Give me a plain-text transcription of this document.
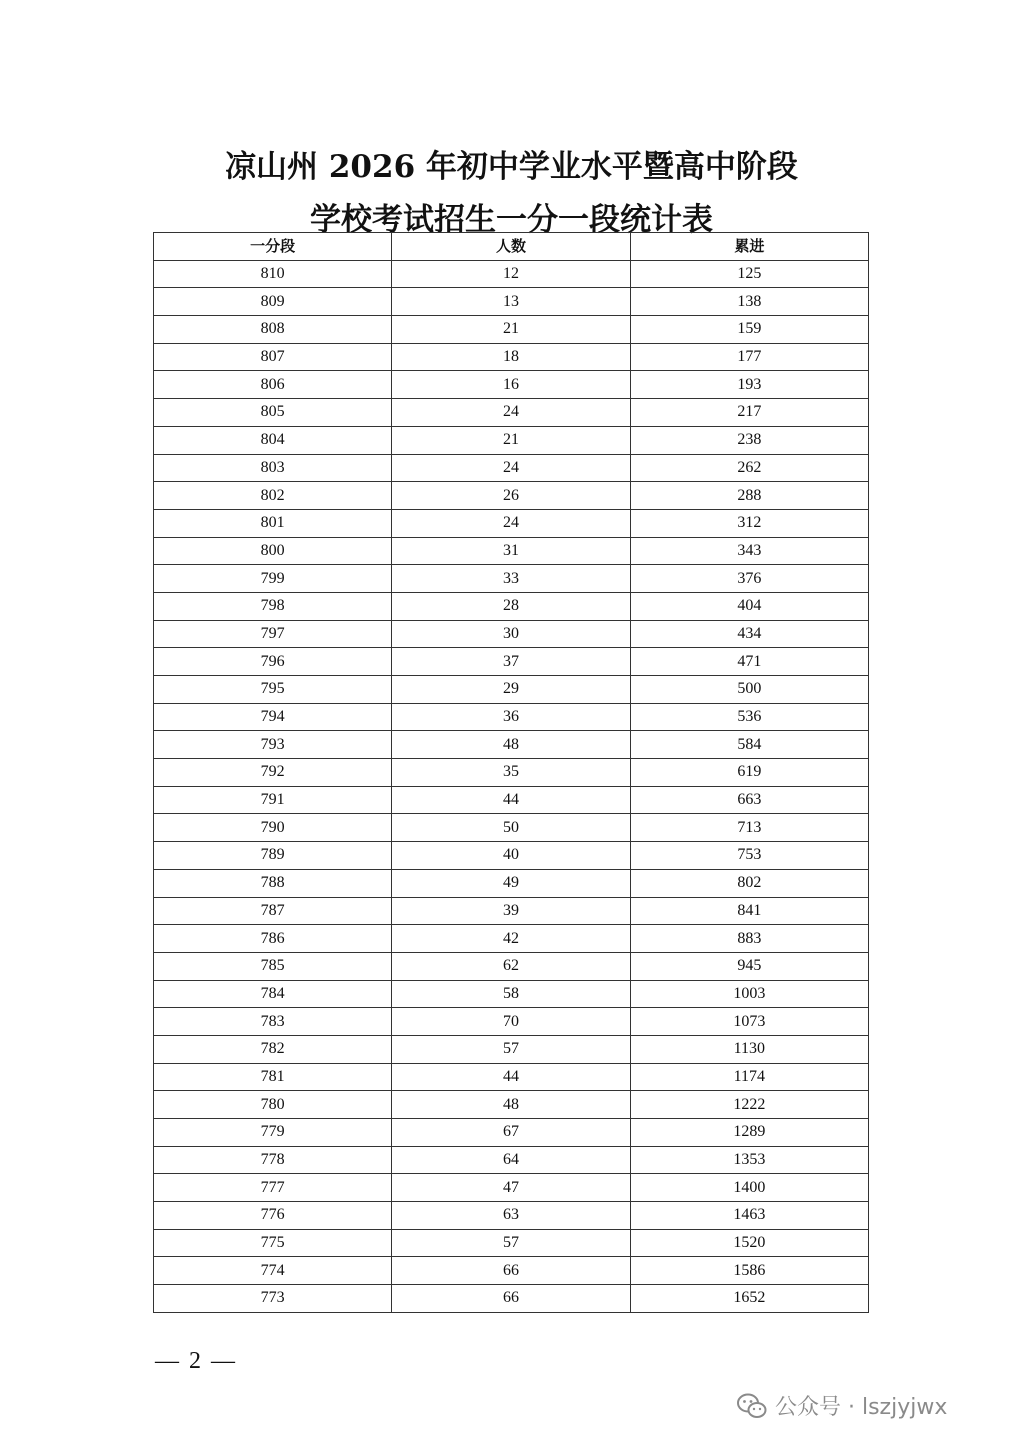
凉山州 2026 年初中学业水平暨高中阶段
学校考试招生一分一段统计表
一分段	人数	累进
810	12	125
809	13	138
808	21	159
807	18	177
806	16	193
805	24	217
804	21	238
803	24	262
802	26	288
801	24	312
800	31	343
799	33	376
798	28	404
797	30	434
796	37	471
795	29	500
794	36	536
793	48	584
792	35	619
791	44	663
790	50	713
789	40	753
788	49	802
787	39	841
786	42	883
785	62	945
784	58	1003
783	70	1073
782	57	1130
781	44	1174
780	48	1222
779	67	1289
778	64	1353
777	47	1400
776	63	1463
775	57	1520
774	66	1586
773	66	1652
— 2 —
公众号 · lszjyjwx
